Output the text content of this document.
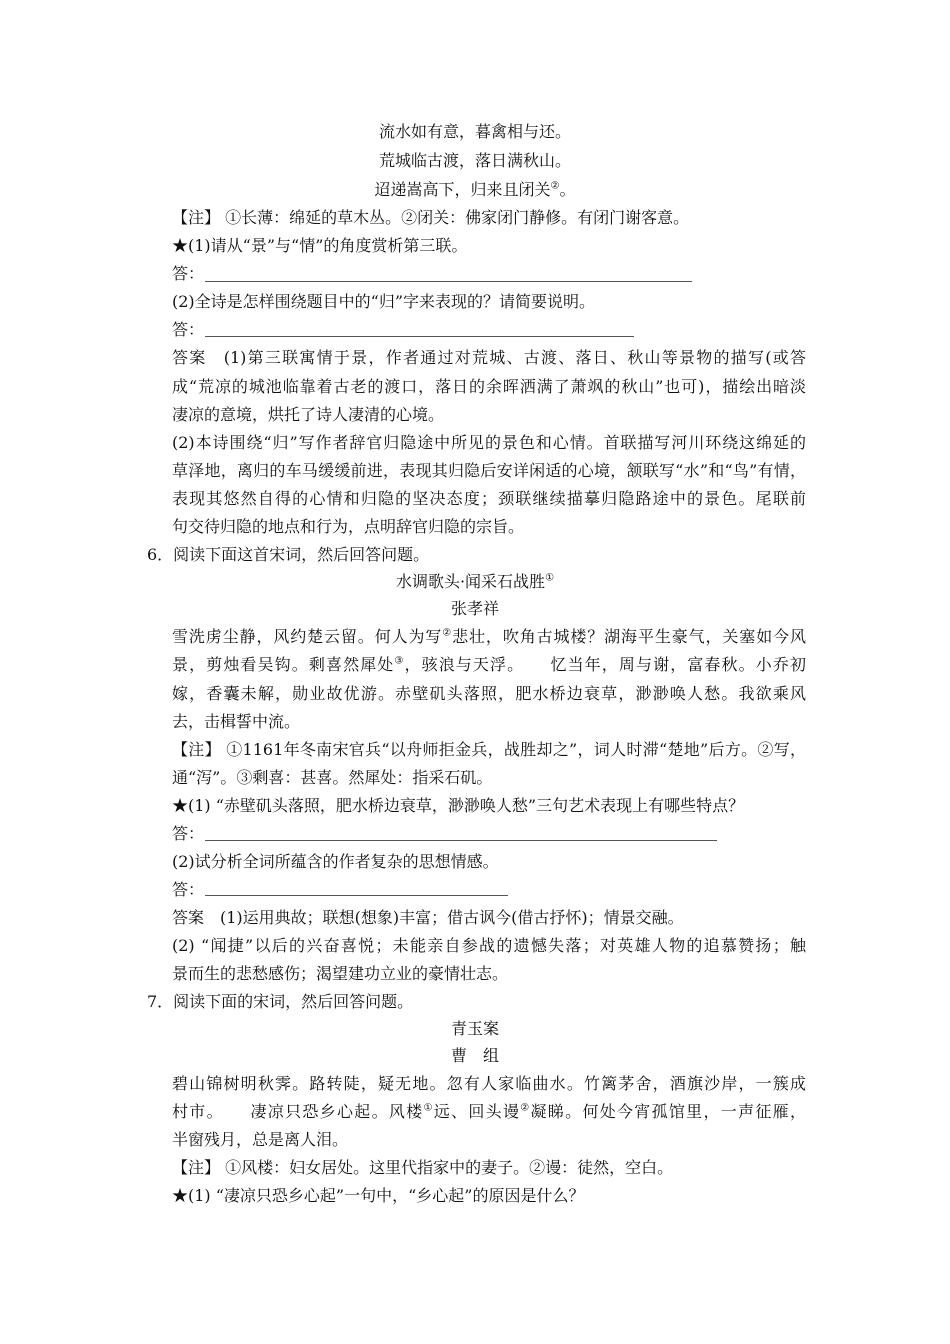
流水如有意，暮禽相与还。
荒城临古渡，落日满秋山。
迢递嵩高下，归来且闭关②。
【注】 ①长薄：绵延的草木丛。②闭关：佛家闭门静修。有闭门谢客意。
★(1)请从“景”与“情”的角度赏析第三联。
答：
(2)全诗是怎样围绕题目中的“归”字来表现的？请简要说明。
答：
答案　(1)第三联寓情于景，作者通过对荒城、古渡、落日、秋山等景物的描写(或答
成“荒凉的城池临靠着古老的渡口，落日的余晖洒满了萧飒的秋山”也可)，描绘出暗淡
凄凉的意境，烘托了诗人凄清的心境。
(2)本诗围绕“归”写作者辞官归隐途中所见的景色和心情。首联描写河川环绕这绵延的
草泽地，离归的车马缓缓前进，表现其归隐后安详闲适的心境，颔联写“水”和“鸟”有情，
表现其悠然自得的心情和归隐的坚决态度；颈联继续描摹归隐路途中的景色。尾联前
句交待归隐的地点和行为，点明辞官归隐的宗旨。
6．阅读下面这首宋词，然后回答问题。
水调歌头·闻采石战胜①
张孝祥
雪洗虏尘静，风约楚云留。何人为写②悲壮，吹角古城楼？湖海平生豪气，关塞如今风
景，剪烛看吴钩。剩喜然犀处③，骇浪与天浮。　　忆当年，周与谢，富春秋。小乔初
嫁，香囊未解，勋业故优游。赤壁矶头落照，肥水桥边衰草，渺渺唤人愁。我欲乘风
去，击楫誓中流。
【注】 ①1161年冬南宋官兵“以舟师拒金兵，战胜却之”，词人时滞“楚地”后方。②写，
通“泻”。③剩喜：甚喜。然犀处：指采石矶。
★(1) “赤壁矶头落照，肥水桥边衰草，渺渺唤人愁”三句艺术表现上有哪些特点？
答：
(2)试分析全词所蕴含的作者复杂的思想情感。
答：
答案　(1)运用典故；联想(想象)丰富；借古讽今(借古抒怀)；情景交融。
(2) “闻捷”以后的兴奋喜悦；未能亲自参战的遗憾失落；对英雄人物的追慕赞扬；触
景而生的悲愁感伤；渴望建功立业的豪情壮志。
7．阅读下面的宋词，然后回答问题。
青玉案
曹　组
碧山锦树明秋霁。路转陡，疑无地。忽有人家临曲水。竹篱茅舍，酒旗沙岸，一簇成
村市。　　凄凉只恐乡心起。风楼①远、回头谩②凝睇。何处今宵孤馆里，一声征雁，
半窗残月，总是离人泪。
【注】 ①风楼：妇女居处。这里代指家中的妻子。②谩：徒然，空白。
★(1) “凄凉只恐乡心起”一句中，“乡心起”的原因是什么？
